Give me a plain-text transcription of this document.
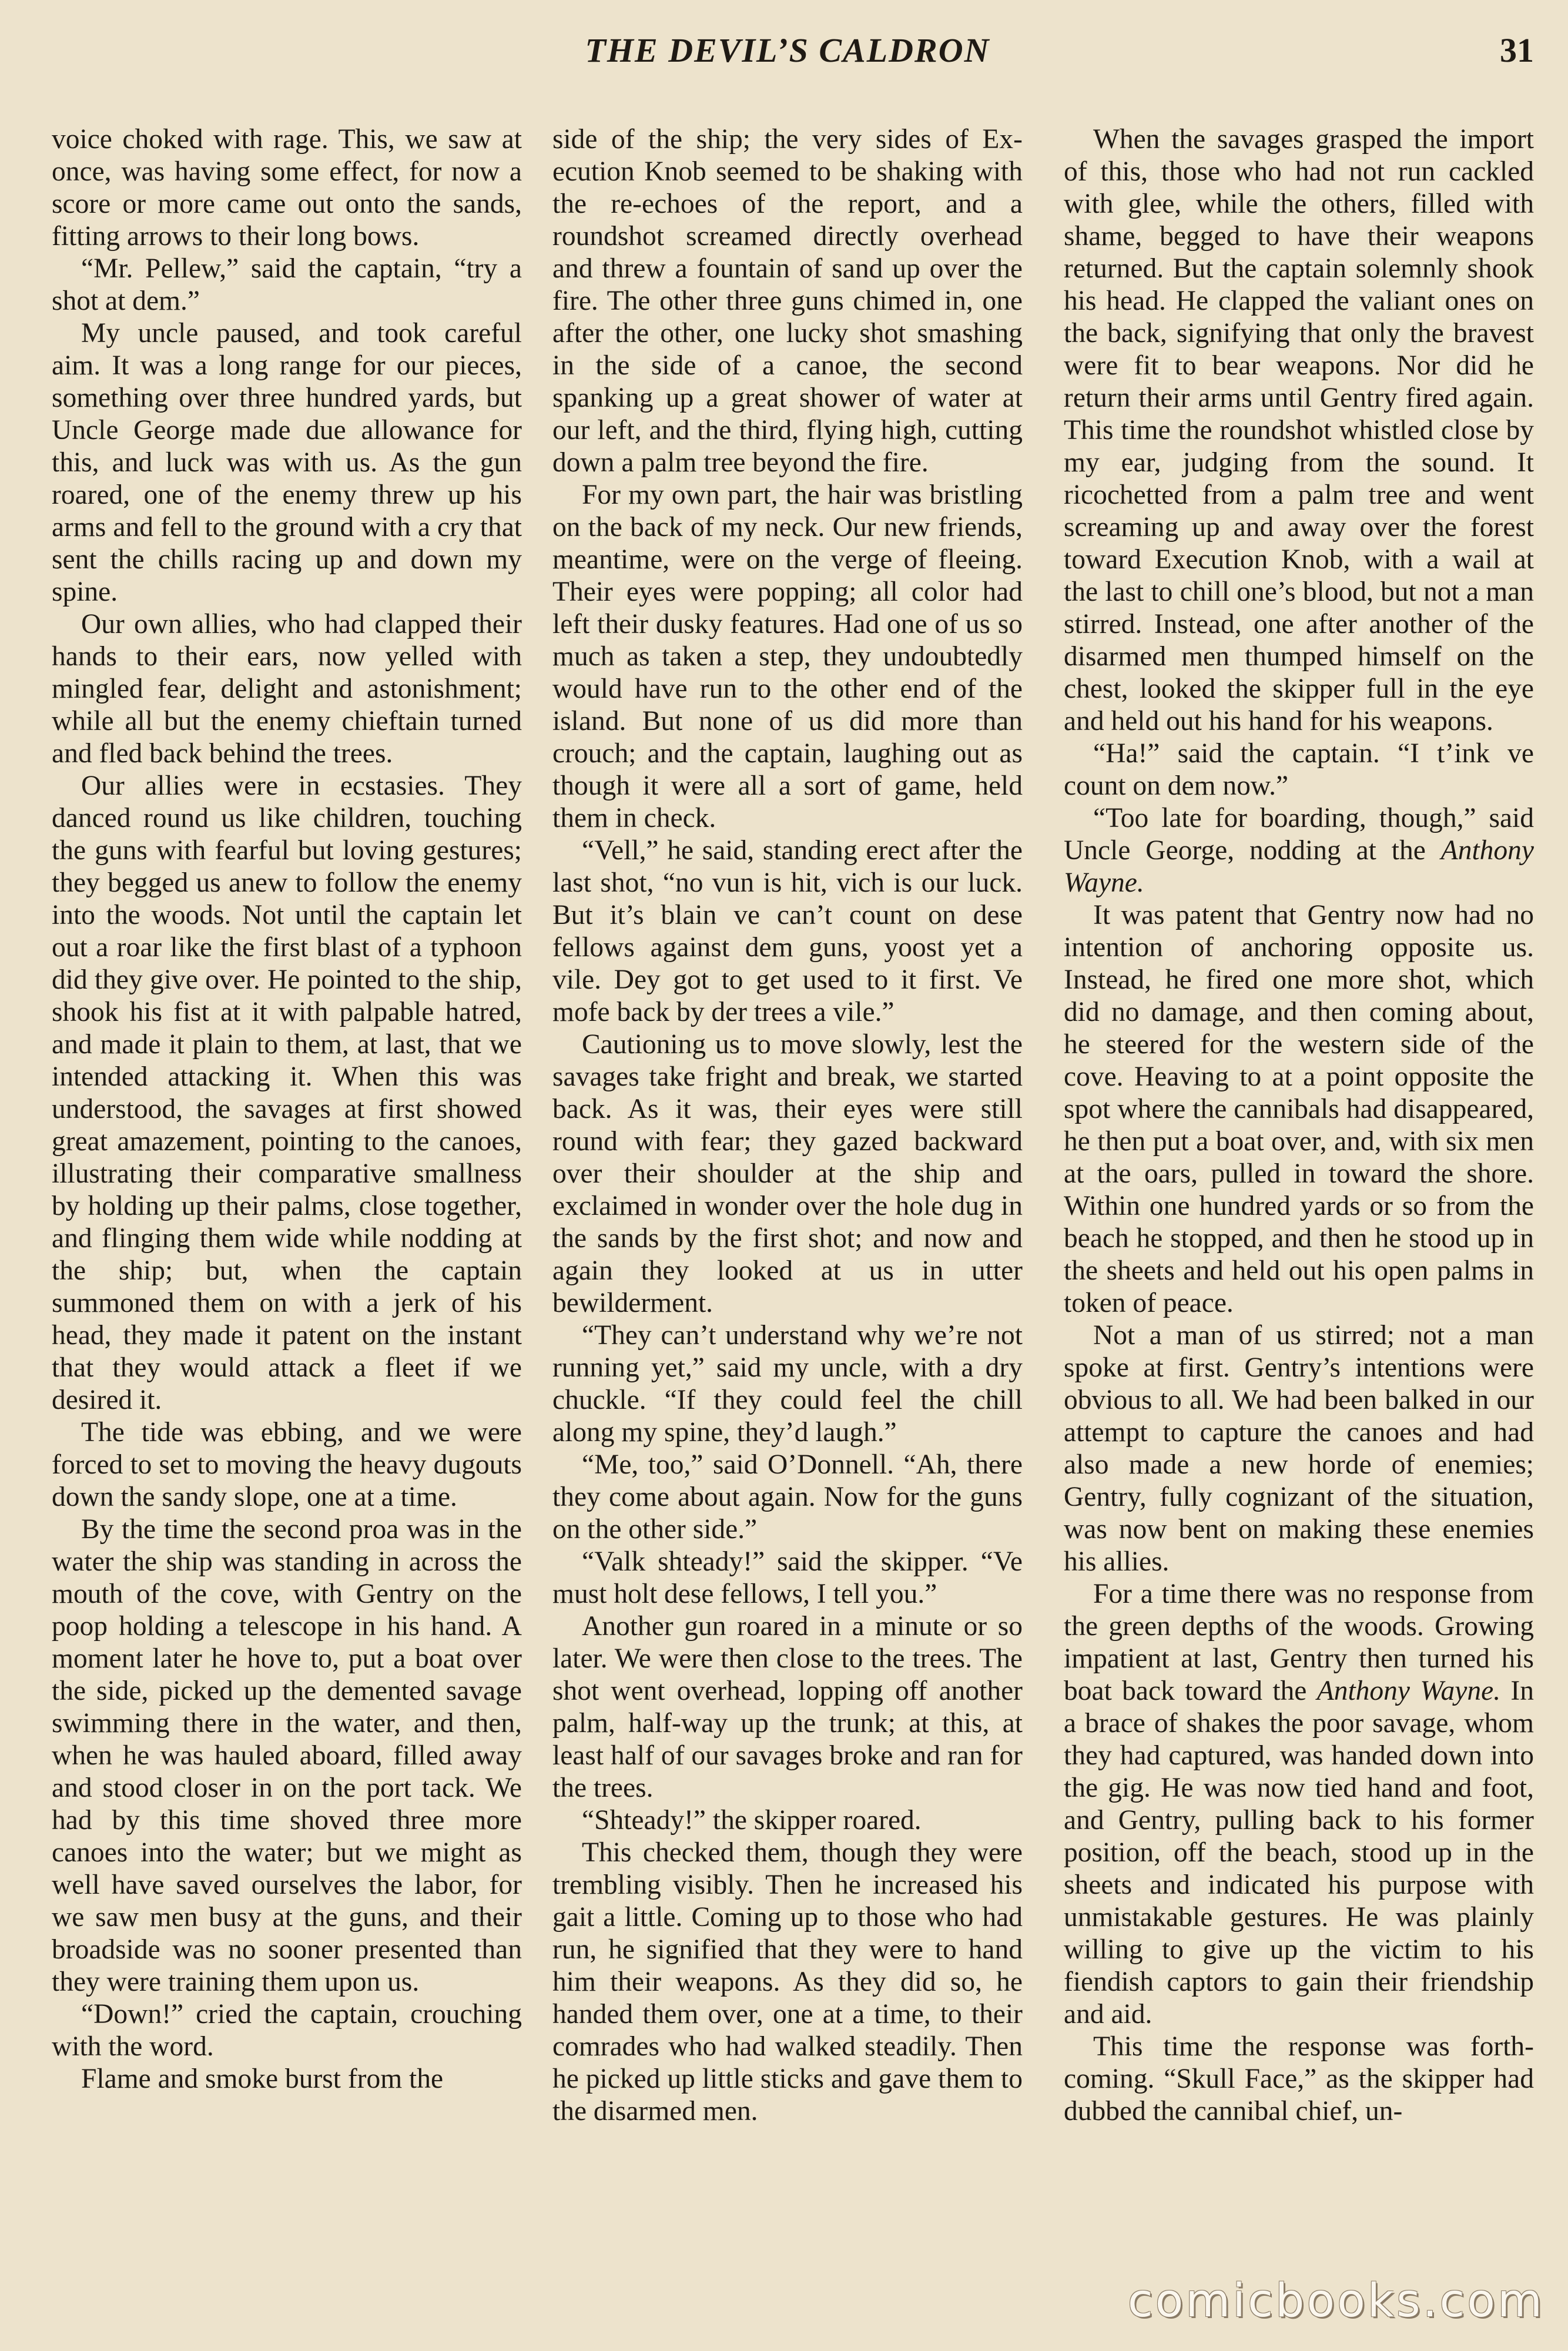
THE DEVIL’S CALDRON	31

voice choked with rage. This, we saw at once, was having some effect, for now a score or more came out onto the sands, fitting arrows to their long bows.

“Mr. Pellew,” said the captain, “try a shot at dem.”

My uncle paused, and took careful aim. It was a long range for our pieces, something over three hundred yards, but Uncle George made due allowance for this, and luck was with us. As the gun roared, one of the enemy threw up his arms and fell to the ground with a cry that sent the chills racing up and down my spine.

Our own allies, who had clapped their hands to their ears, now yelled with mingled fear, delight and astonishment; while all but the enemy chieftain turned and fled back behind the trees.

Our allies were in ecstasies. They danced round us like children, touching the guns with fearful but loving gestures; they begged us anew to follow the enemy into the woods. Not until the captain let out a roar like the first blast of a typhoon did they give over. He pointed to the ship, shook his fist at it with palpable hatred, and made it plain to them, at last, that we intended attacking it. When this was understood, the savages at first showed great amazement, pointing to the canoes, illustrating their comparative smallness by holding up their palms, close together, and flinging them wide while nodding at the ship; but, when the captain summoned them on with a jerk of his head, they made it patent on the instant that they would attack a fleet if we desired it.

The tide was ebbing, and we were forced to set to moving the heavy dugouts down the sandy slope, one at a time.

By the time the second proa was in the water the ship was standing in across the mouth of the cove, with Gentry on the poop holding a telescope in his hand. A moment later he hove to, put a boat over the side, picked up the demented savage swimming there in the water, and then, when he was hauled aboard, filled away and stood closer in on the port tack. We had by this time shoved three more canoes into the water; but we might as well have saved ourselves the labor, for we saw men busy at the guns, and their broadside was no sooner presented than they were training them upon us.

“Down!” cried the captain, crouching with the word.

Flame and smoke burst from the

side of the ship; the very sides of Execution Knob seemed to be shaking with the re-echoes of the report, and a roundshot screamed directly overhead and threw a fountain of sand up over the fire. The other three guns chimed in, one after the other, one lucky shot smashing in the side of a canoe, the second spanking up a great shower of water at our left, and the third, flying high, cutting down a palm tree beyond the fire.

For my own part, the hair was bristling on the back of my neck. Our new friends, meantime, were on the verge of fleeing. Their eyes were popping; all color had left their dusky features. Had one of us so much as taken a step, they undoubtedly would have run to the other end of the island. But none of us did more than crouch; and the captain, laughing out as though it were all a sort of game, held them in check.

“Vell,” he said, standing erect after the last shot, “no vun is hit, vich is our luck. But it’s blain ve can’t count on dese fellows against dem guns, yoost yet a vile. Dey got to get used to it first. Ve mofe back by der trees a vile.”

Cautioning us to move slowly, lest the savages take fright and break, we started back. As it was, their eyes were still round with fear; they gazed backward over their shoulder at the ship and exclaimed in wonder over the hole dug in the sands by the first shot; and now and again they looked at us in utter bewilderment.

“They can’t understand why we’re not running yet,” said my uncle, with a dry chuckle. “If they could feel the chill along my spine, they’d laugh.”

“Me, too,” said O’Donnell. “Ah, there they come about again. Now for the guns on the other side.”

“Valk shteady!” said the skipper. “Ve must holt dese fellows, I tell you.”

Another gun roared in a minute or so later. We were then close to the trees. The shot went overhead, lopping off another palm, half-way up the trunk; at this, at least half of our savages broke and ran for the trees.

“Shteady!” the skipper roared.

This checked them, though they were trembling visibly. Then he increased his gait a little. Coming up to those who had run, he signified that they were to hand him their weapons. As they did so, he handed them over, one at a time, to their comrades who had walked steadily. Then he picked up little sticks and gave them to the disarmed men.

When the savages grasped the import of this, those who had not run cackled with glee, while the others, filled with shame, begged to have their weapons returned. But the captain solemnly shook his head. He clapped the valiant ones on the back, signifying that only the bravest were fit to bear weapons. Nor did he return their arms until Gentry fired again. This time the roundshot whistled close by my ear, judging from the sound. It ricochetted from a palm tree and went screaming up and away over the forest toward Execution Knob, with a wail at the last to chill one’s blood, but not a man stirred. Instead, one after another of the disarmed men thumped himself on the chest, looked the skipper full in the eye and held out his hand for his weapons.

“Ha!” said the captain. “I t’ink ve count on dem now.”

“Too late for boarding, though,” said Uncle George, nodding at the Anthony Wayne.

It was patent that Gentry now had no intention of anchoring opposite us. Instead, he fired one more shot, which did no damage, and then coming about, he steered for the western side of the cove. Heaving to at a point opposite the spot where the cannibals had disappeared, he then put a boat over, and, with six men at the oars, pulled in toward the shore. Within one hundred yards or so from the beach he stopped, and then he stood up in the sheets and held out his open palms in token of peace.

Not a man of us stirred; not a man spoke at first. Gentry’s intentions were obvious to all. We had been balked in our attempt to capture the canoes and had also made a new horde of enemies; Gentry, fully cognizant of the situation, was now bent on making these enemies his allies.

For a time there was no response from the green depths of the woods. Growing impatient at last, Gentry then turned his boat back toward the Anthony Wayne. In a brace of shakes the poor savage, whom they had captured, was handed down into the gig. He was now tied hand and foot, and Gentry, pulling back to his former position, off the beach, stood up in the sheets and indicated his purpose with unmistakable gestures. He was plainly willing to give up the victim to his fiendish captors to gain their friendship and aid.

This time the response was forthcoming. “Skull Face,” as the skipper had dubbed the cannibal chief, un-

comicbooks.com
